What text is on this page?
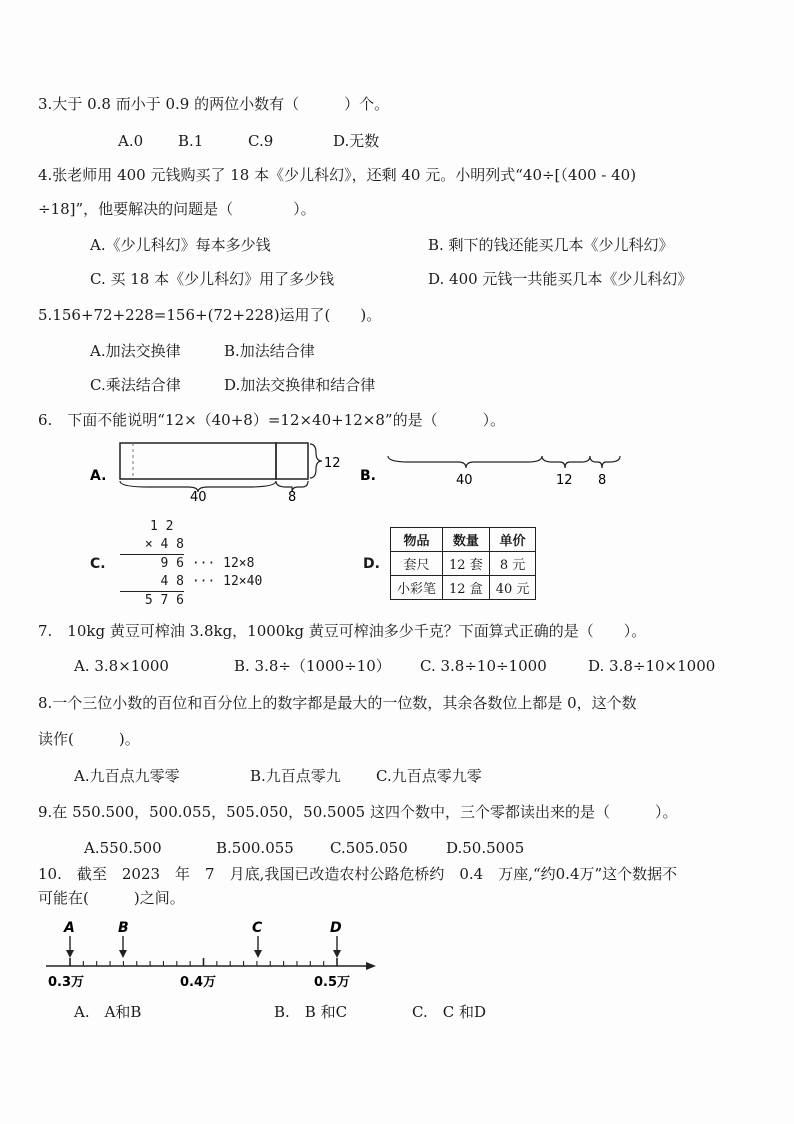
3.大于 0.8 而小于 0.9 的两位小数有（　　　）个。
A.0 B.1	C.9	D.无数
4.张老师用 400 元钱购买了 18 本《少儿科幻》，还剩 40 元。小明列式“40÷[（400 - 40)
÷18]”，他要解决的问题是（　　　　）。
A.《少儿科幻》每本多少钱	B. 剩下的钱还能买几本《少儿科幻》
C. 买 18 本《少儿科幻》用了多少钱	D. 400 元钱一共能买几本《少儿科幻》
5.156+72+228=156+(72+228)运用了(　　)。
A.加法交换律	B.加法结合律
C.乘法结合律	D.加法交换律和结合律
6.　下面不能说明“12×（40+8）=12×40+12×8”的是（　　　）。
A.
12
40	8
B.	40	12 8
C.
1 2
× 4 8
9 6 ··· 12×8
4 8 ··· 12×40
5 7 6
D.
物品	数量	单价
套尺	12 套	8 元
小彩笔	12 盒	40 元
7.　10kg 黄豆可榨油 3.8kg，1000kg 黄豆可榨油多少千克？下面算式正确的是（　　）。
A. 3.8×1000	B. 3.8÷（1000÷10） C. 3.8÷10÷1000	D. 3.8÷10×1000
8.一个三位小数的百位和百分位上的数字都是最大的一位数，其余各数位上都是 0，这个数
读作(　　　)。
A.九百点九零零	B.九百点零九 C.九百点零九零
9.在 550.500，500.055，505.050，50.5005 这四个数中，三个零都读出来的是（　　　）。
A.550.500	B.500.055 C.505.050	D.50.5005
10.　截至　2023　年　7　月底,我国已改造农村公路危桥约　0.4　万座,“约0.4万”这个数据不
可能在(　　　)之间。
A	B	C	D
0.3万	0.4万	0.5万
A.　A和B	B.　B 和C	C.　C 和D
